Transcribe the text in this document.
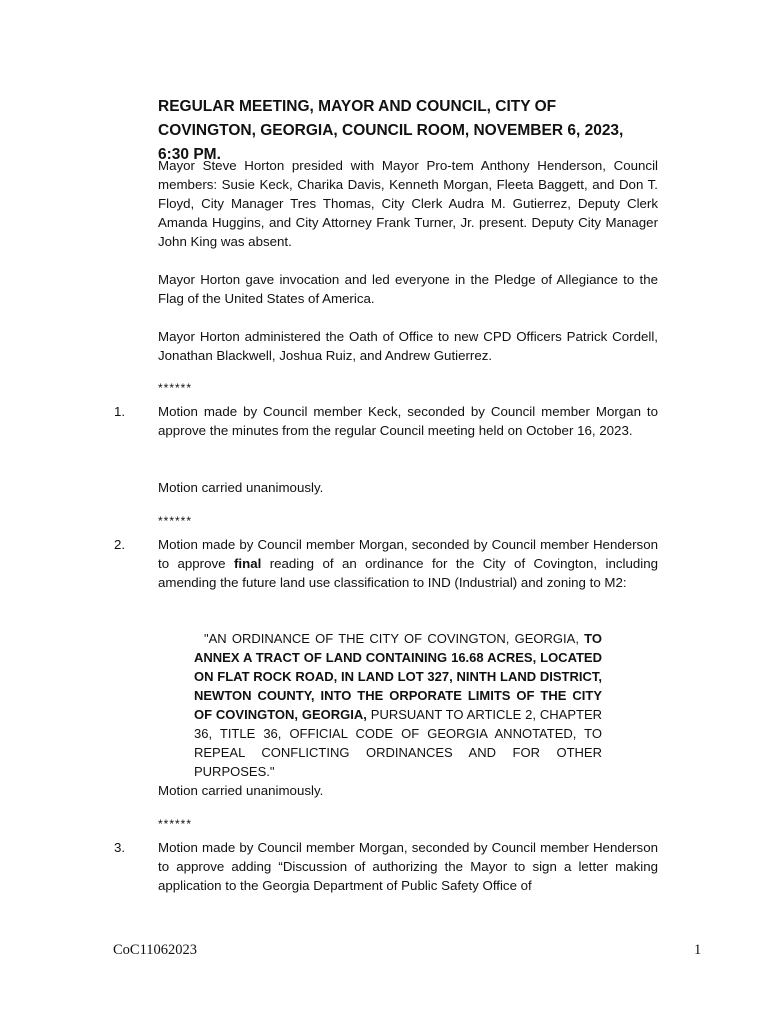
REGULAR MEETING, MAYOR AND COUNCIL, CITY OF COVINGTON, GEORGIA, COUNCIL ROOM, NOVEMBER 6, 2023, 6:30 PM.

Mayor Steve Horton presided with Mayor Pro-tem Anthony Henderson, Council members: Susie Keck, Charika Davis, Kenneth Morgan, Fleeta Baggett, and Don T. Floyd, City Manager Tres Thomas, City Clerk Audra M. Gutierrez, Deputy Clerk Amanda Huggins, and City Attorney Frank Turner, Jr. present. Deputy City Manager John King was absent.

Mayor Horton gave invocation and led everyone in the Pledge of Allegiance to the Flag of the United States of America.

Mayor Horton administered the Oath of Office to new CPD Officers Patrick Cordell, Jonathan Blackwell, Joshua Ruiz, and Andrew Gutierrez.

******

1. Motion made by Council member Keck, seconded by Council member Morgan to approve the minutes from the regular Council meeting held on October 16, 2023.

Motion carried unanimously.

******

2. Motion made by Council member Morgan, seconded by Council member Henderson to approve final reading of an ordinance for the City of Covington, including amending the future land use classification to IND (Industrial) and zoning to M2:

"AN ORDINANCE OF THE CITY OF COVINGTON, GEORGIA, TO ANNEX A TRACT OF LAND CONTAINING 16.68 ACRES, LOCATED ON FLAT ROCK ROAD, IN LAND LOT 327, NINTH LAND DISTRICT, NEWTON COUNTY, INTO THE ORPORATE LIMITS OF THE CITY OF COVINGTON, GEORGIA, PURSUANT TO ARTICLE 2, CHAPTER 36, TITLE 36, OFFICIAL CODE OF GEORGIA ANNOTATED, TO REPEAL CONFLICTING ORDINANCES AND FOR OTHER PURPOSES."

Motion carried unanimously.

******

3. Motion made by Council member Morgan, seconded by Council member Henderson to approve adding “Discussion of authorizing the Mayor to sign a letter making application to the Georgia Department of Public Safety Office of

CoC11062023	1
